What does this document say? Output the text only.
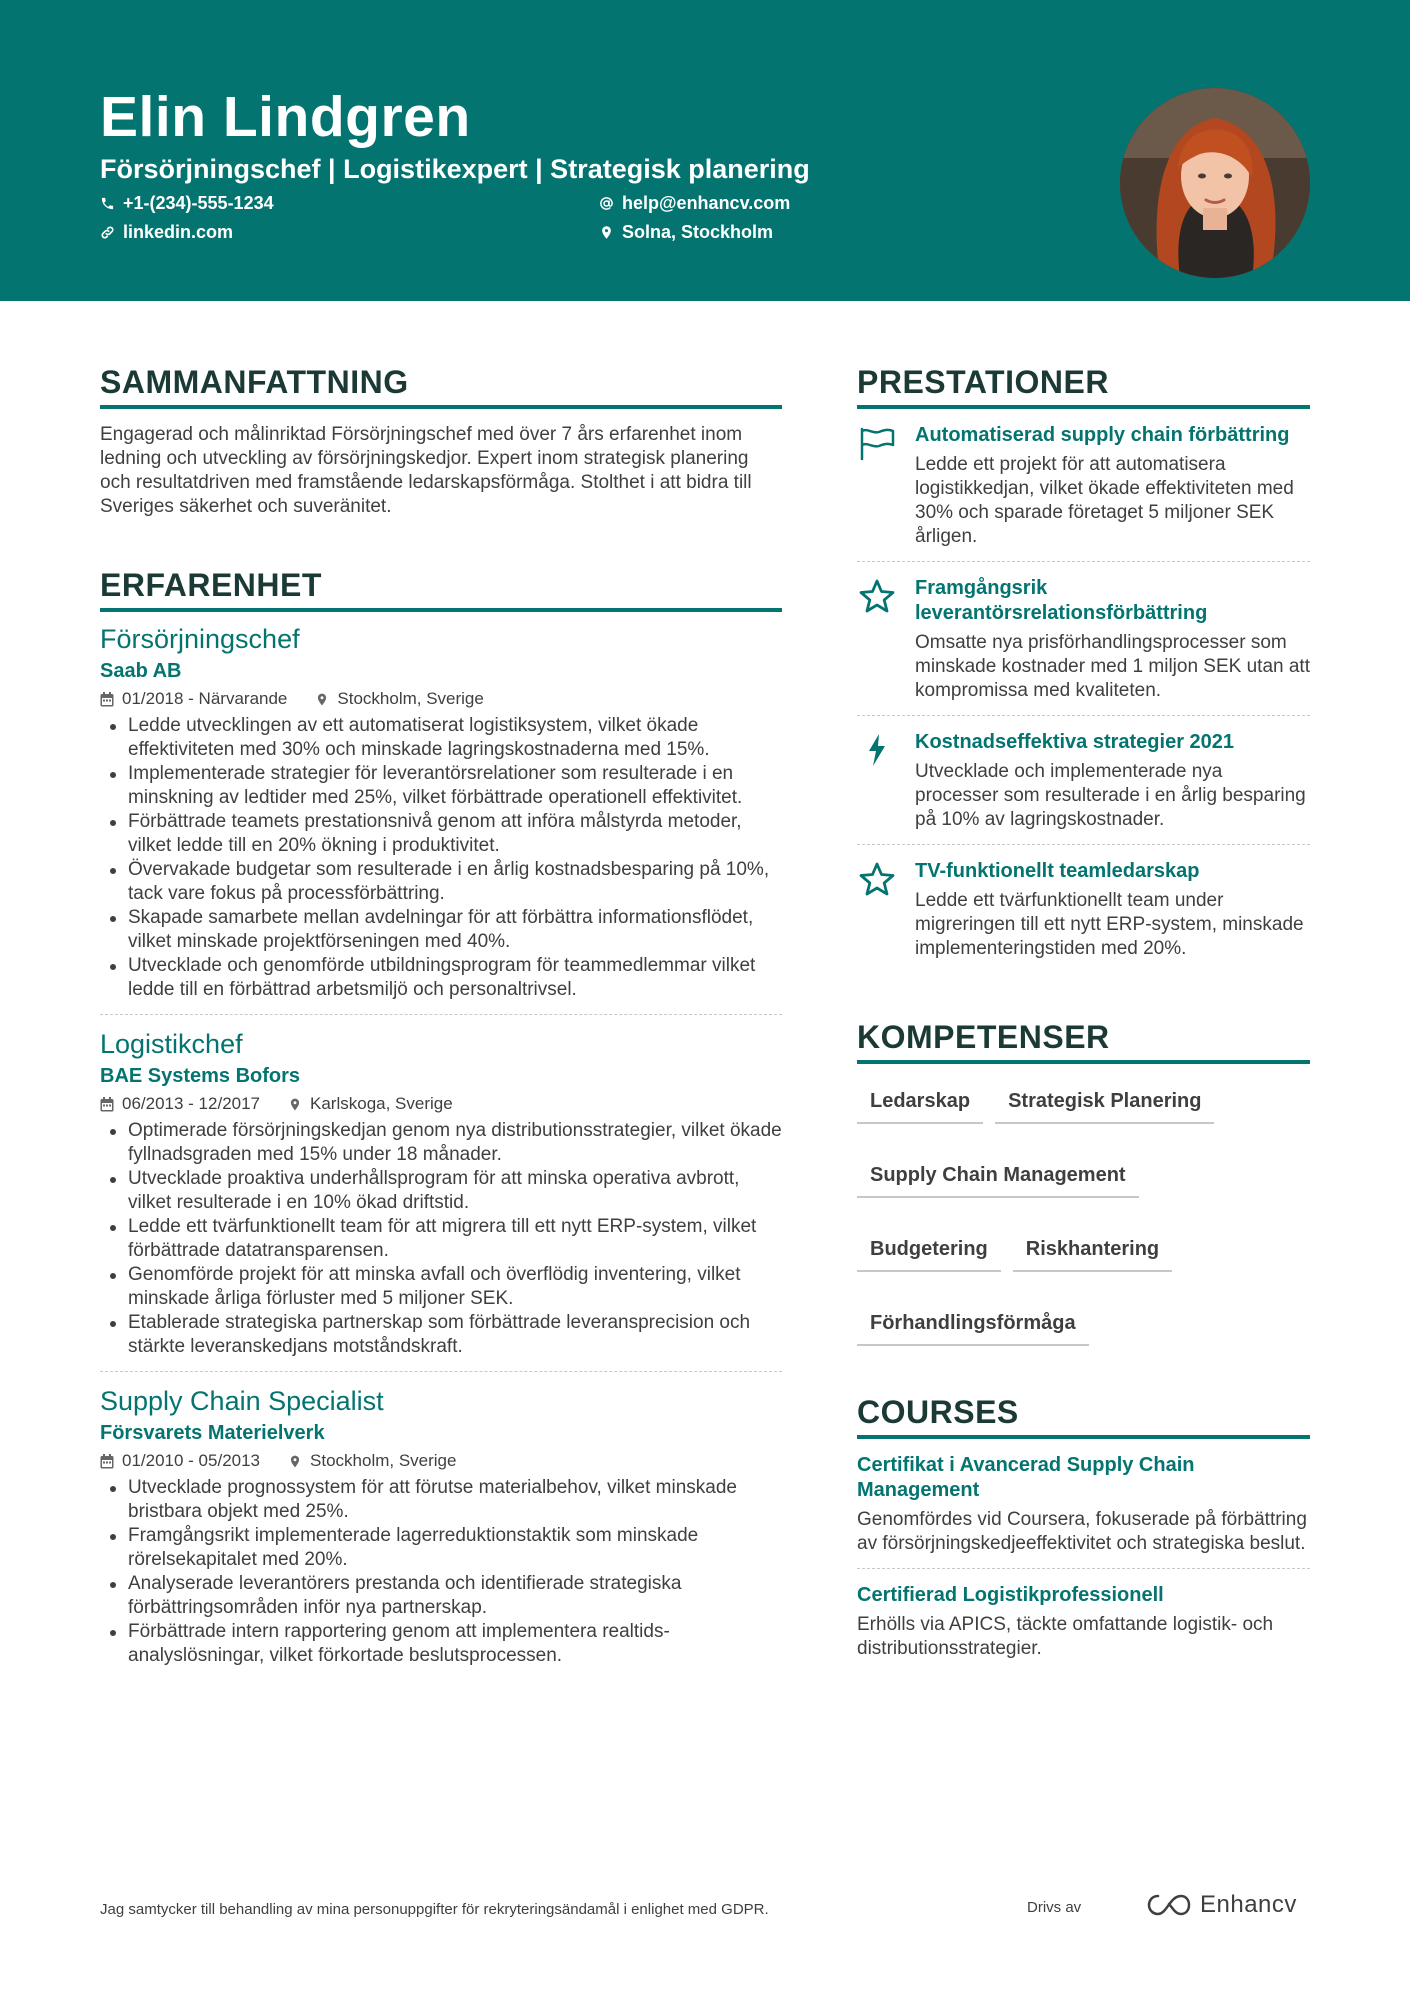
Elin Lindgren
Försörjningschef | Logistikexpert | Strategisk planering
+1-(234)-555-1234	help@enhancv.com
linkedin.com	Solna, Stockholm
SAMMANFATTNING
Engagerad och målinriktad Försörjningschef med över 7 års erfarenhet inom ledning och utveckling av försörjningskedjor. Expert inom strategisk planering och resultatdriven med framstående ledarskapsförmåga. Stolthet i att bidra till Sveriges säkerhet och suveränitet.
ERFARENHET
Försörjningschef
Saab AB
01/2018 - Närvarande	Stockholm, Sverige
Ledde utvecklingen av ett automatiserat logistiksystem, vilket ökade effektiviteten med 30% och minskade lagringskostnaderna med 15%.
Implementerade strategier för leverantörsrelationer som resulterade i en minskning av ledtider med 25%, vilket förbättrade operationell effektivitet.
Förbättrade teamets prestationsnivå genom att införa målstyrda metoder, vilket ledde till en 20% ökning i produktivitet.
Övervakade budgetar som resulterade i en årlig kostnadsbesparing på 10%, tack vare fokus på processförbättring.
Skapade samarbete mellan avdelningar för att förbättra informationsflödet, vilket minskade projektförseningen med 40%.
Utvecklade och genomförde utbildningsprogram för teammedlemmar vilket ledde till en förbättrad arbetsmiljö och personaltrivsel.
Logistikchef
BAE Systems Bofors
06/2013 - 12/2017	Karlskoga, Sverige
Optimerade försörjningskedjan genom nya distributionsstrategier, vilket ökade fyllnadsgraden med 15% under 18 månader.
Utvecklade proaktiva underhållsprogram för att minska operativa avbrott, vilket resulterade i en 10% ökad driftstid.
Ledde ett tvärfunktionellt team för att migrera till ett nytt ERP-system, vilket förbättrade datatransparensen.
Genomförde projekt för att minska avfall och överflödig inventering, vilket minskade årliga förluster med 5 miljoner SEK.
Etablerade strategiska partnerskap som förbättrade leveransprecision och stärkte leveranskedjans motståndskraft.
Supply Chain Specialist
Försvarets Materielverk
01/2010 - 05/2013	Stockholm, Sverige
Utvecklade prognossystem för att förutse materialbehov, vilket minskade bristbara objekt med 25%.
Framgångsrikt implementerade lagerreduktionstaktik som minskade rörelsekapitalet med 20%.
Analyserade leverantörers prestanda och identifierade strategiska förbättringsområden inför nya partnerskap.
Förbättrade intern rapportering genom att implementera realtids-analyslösningar, vilket förkortade beslutsprocessen.
PRESTATIONER
Automatiserad supply chain förbättring
Ledde ett projekt för att automatisera logistikkedjan, vilket ökade effektiviteten med 30% och sparade företaget 5 miljoner SEK årligen.
Framgångsrik leverantörsrelationsförbättring
Omsatte nya prisförhandlingsprocesser som minskade kostnader med 1 miljon SEK utan att kompromissa med kvaliteten.
Kostnadseffektiva strategier 2021
Utvecklade och implementerade nya processer som resulterade i en årlig besparing på 10% av lagringskostnader.
TV-funktionellt teamledarskap
Ledde ett tvärfunktionellt team under migreringen till ett nytt ERP-system, minskade implementeringstiden med 20%.
KOMPETENSER
Ledarskap	Strategisk Planering
Supply Chain Management
Budgetering	Riskhantering
Förhandlingsförmåga
COURSES
Certifikat i Avancerad Supply Chain Management
Genomfördes vid Coursera, fokuserade på förbättring av försörjningskedjeeffektivitet och strategiska beslut.
Certifierad Logistikprofessionell
Erhölls via APICS, täckte omfattande logistik- och distributionsstrategier.
Jag samtycker till behandling av mina personuppgifter för rekryteringsändamål i enlighet med GDPR.	Drivs av	Enhancv
